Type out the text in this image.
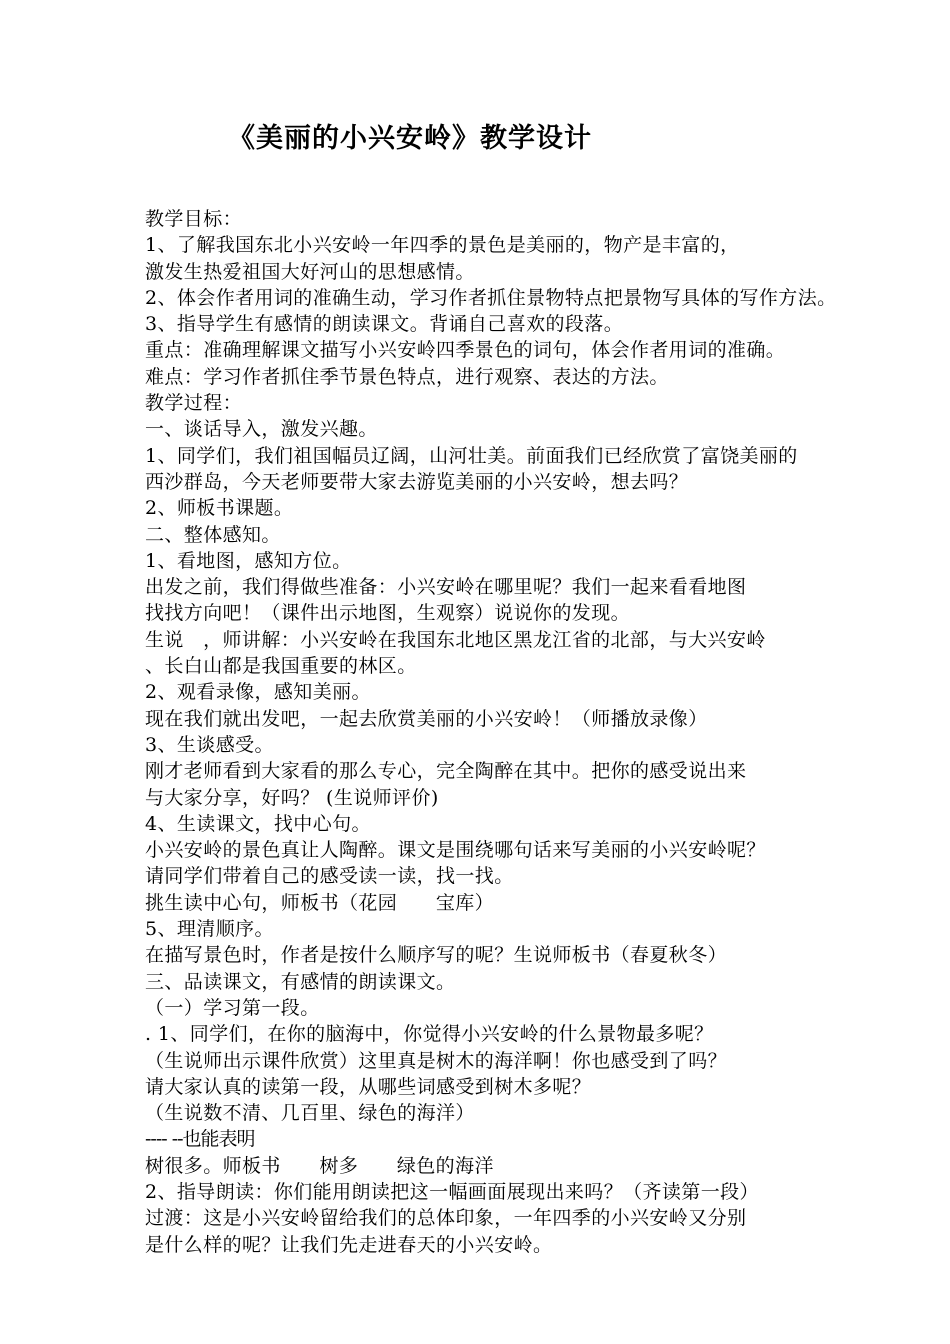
《美丽的小兴安岭》教学设计
教学目标：
1、了解我国东北小兴安岭一年四季的景色是美丽的，物产是丰富的，
激发生热爱祖国大好河山的思想感情。
2、体会作者用词的准确生动，学习作者抓住景物特点把景物写具体的写作方法。
3、指导学生有感情的朗读课文。背诵自己喜欢的段落。
重点：准确理解课文描写小兴安岭四季景色的词句，体会作者用词的准确。
难点：学习作者抓住季节景色特点，进行观察、表达的方法。
教学过程：
一、谈话导入，激发兴趣。
1、同学们，我们祖国幅员辽阔，山河壮美。前面我们已经欣赏了富饶美丽的
西沙群岛，今天老师要带大家去游览美丽的小兴安岭，想去吗？
2、师板书课题。
二、整体感知。
1、看地图，感知方位。
出发之前，我们得做些准备：小兴安岭在哪里呢？我们一起来看看地图
找找方向吧！（课件出示地图，生观察）说说你的发现。
生说   ，师讲解：小兴安岭在我国东北地区黑龙江省的北部，与大兴安岭
、长白山都是我国重要的林区。
2、观看录像，感知美丽。
现在我们就出发吧，一起去欣赏美丽的小兴安岭！（师播放录像）
3、生谈感受。
刚才老师看到大家看的那么专心，完全陶醉在其中。把你的感受说出来
与大家分享，好吗？ (生说师评价)
4、生读课文，找中心句。
小兴安岭的景色真让人陶醉。课文是围绕哪句话来写美丽的小兴安岭呢？
请同学们带着自己的感受读一读，找一找。
挑生读中心句，师板书（花园      宝库）
5、理清顺序。
在描写景色时，作者是按什么顺序写的呢？生说师板书（春夏秋冬）
三、品读课文，有感情的朗读课文。
（一）学习第一段。
. 1、同学们，在你的脑海中，你觉得小兴安岭的什么景物最多呢？
（生说师出示课件欣赏）这里真是树木的海洋啊！你也感受到了吗？
请大家认真的读第一段，从哪些词感受到树木多呢？
（生说数不清、几百里、绿色的海洋）
---- --也能表明
树很多。师板书      树多      绿色的海洋
2、指导朗读：你们能用朗读把这一幅画面展现出来吗？（齐读第一段）
过渡：这是小兴安岭留给我们的总体印象，一年四季的小兴安岭又分别
是什么样的呢？让我们先走进春天的小兴安岭。
